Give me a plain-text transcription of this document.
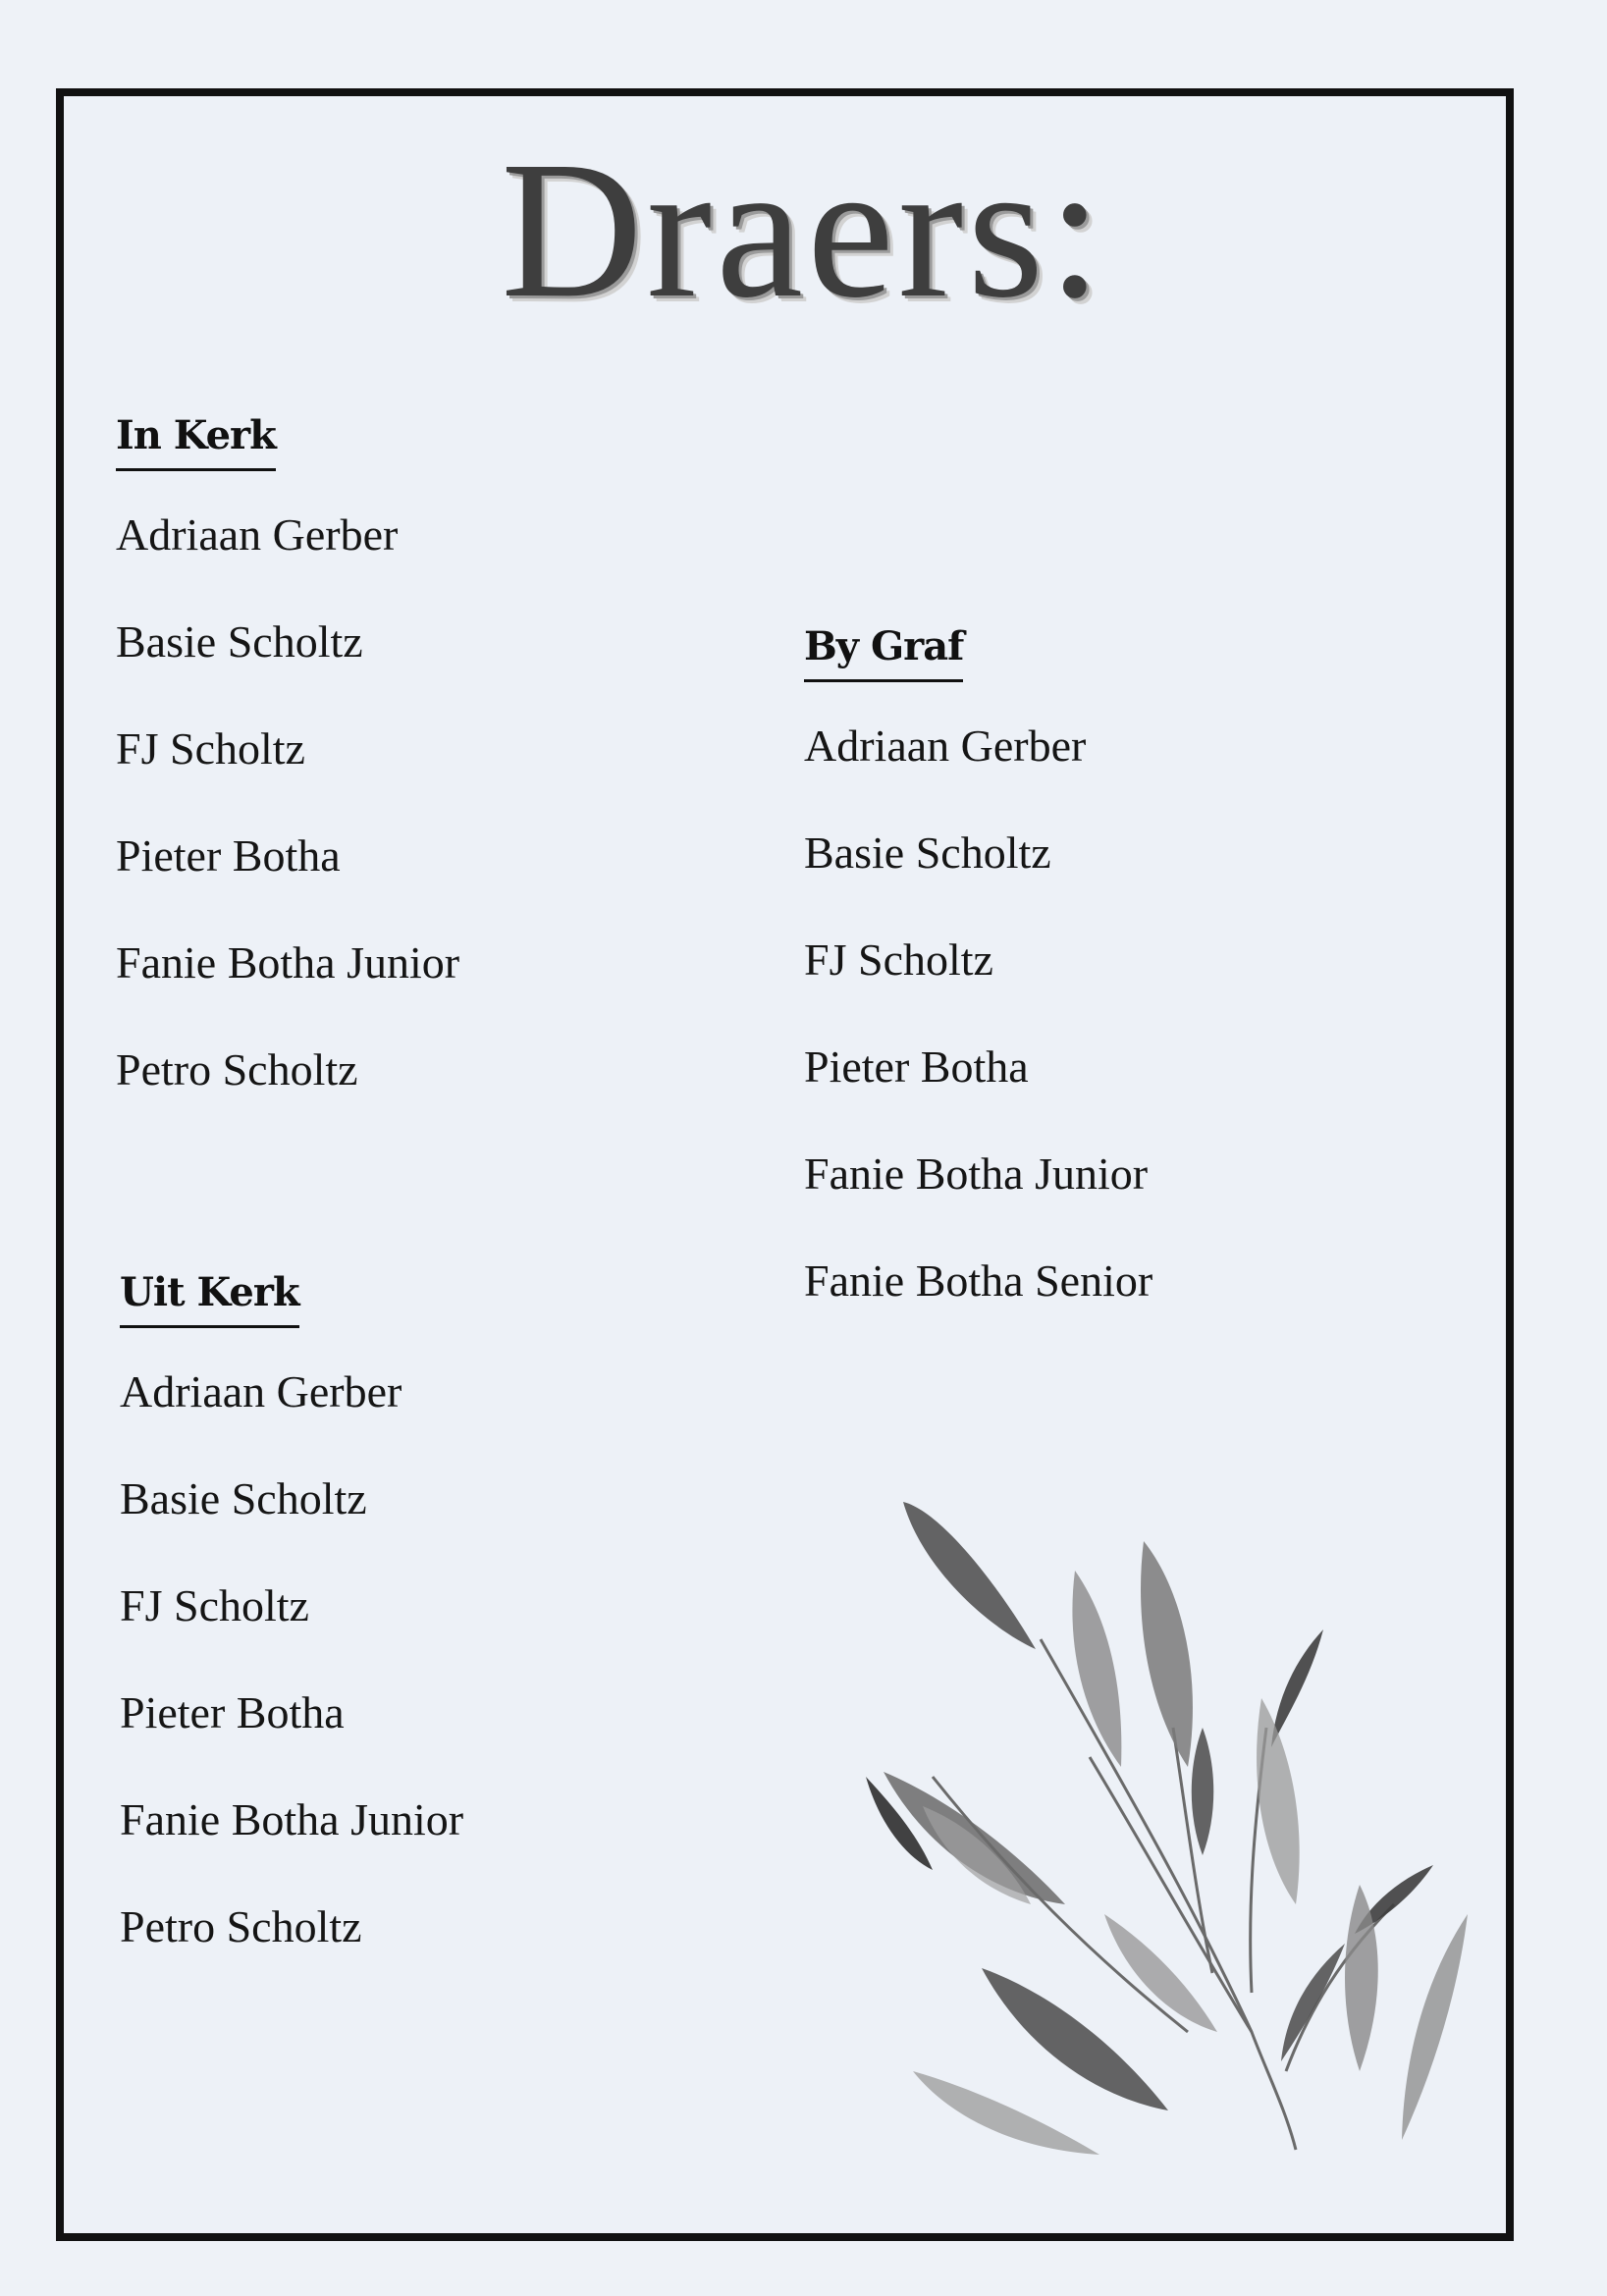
Draers:
In Kerk
Adriaan Gerber
Basie Scholtz
FJ Scholtz
Pieter Botha
Fanie Botha Junior
Petro Scholtz
By Graf
Adriaan Gerber
Basie Scholtz
FJ Scholtz
Pieter Botha
Fanie Botha Junior
Fanie Botha Senior
Uit Kerk
Adriaan Gerber
Basie Scholtz
FJ Scholtz
Pieter Botha
Fanie Botha Junior
Petro Scholtz
